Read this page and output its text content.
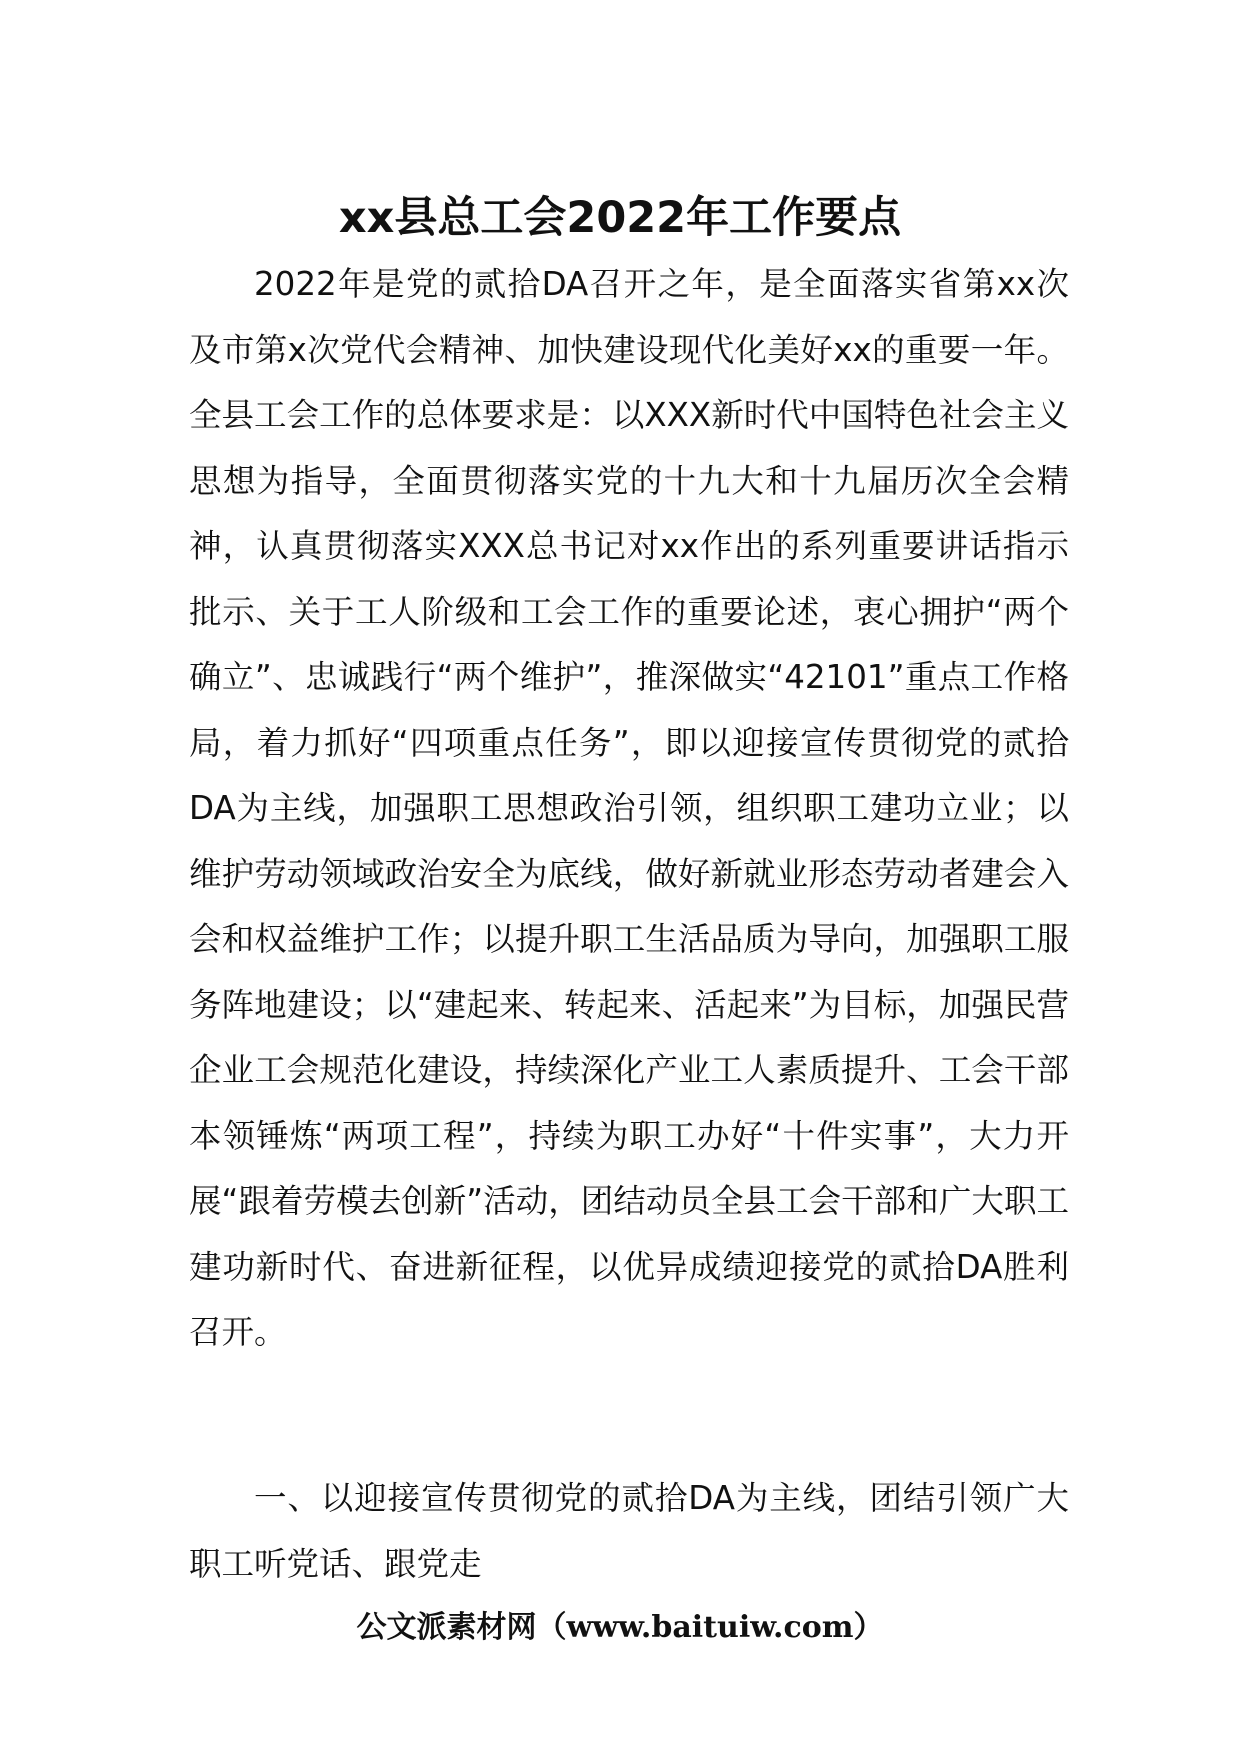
xx县总工会2022年工作要点

2022年是党的贰拾DA召开之年，是全面落实省第xx次及市第x次党代会精神、加快建设现代化美好xx的重要一年。全县工会工作的总体要求是：以XXX新时代中国特色社会主义思想为指导，全面贯彻落实党的十九大和十九届历次全会精神，认真贯彻落实XXX总书记对xx作出的系列重要讲话指示批示、关于工人阶级和工会工作的重要论述，衷心拥护“两个确立”、忠诚践行“两个维护”，推深做实“42101”重点工作格局，着力抓好“四项重点任务”，即以迎接宣传贯彻党的贰拾DA为主线，加强职工思想政治引领，组织职工建功立业；以维护劳动领域政治安全为底线，做好新就业形态劳动者建会入会和权益维护工作；以提升职工生活品质为导向，加强职工服务阵地建设；以“建起来、转起来、活起来”为目标，加强民营企业工会规范化建设，持续深化产业工人素质提升、工会干部本领锤炼“两项工程”，持续为职工办好“十件实事”，大力开展“跟着劳模去创新”活动，团结动员全县工会干部和广大职工建功新时代、奋进新征程，以优异成绩迎接党的贰拾DA胜利召开。

一、以迎接宣传贯彻党的贰拾DA为主线，团结引领广大职工听党话、跟党走

公文派素材网（www.baituiw.com）
